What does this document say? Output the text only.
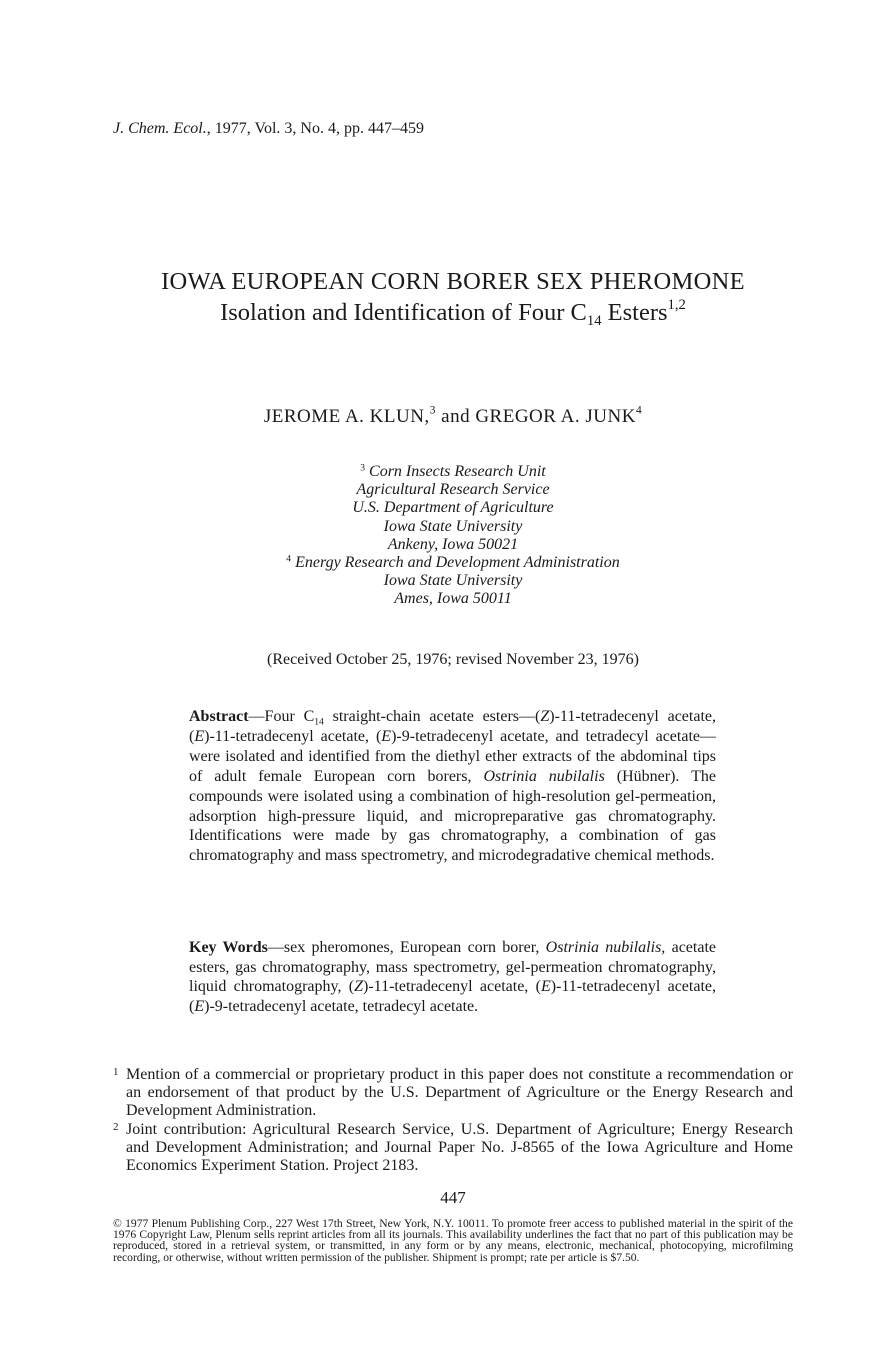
J. Chem. Ecol., 1977, Vol. 3, No. 4, pp. 447–459
IOWA EUROPEAN CORN BORER SEX PHEROMONE
Isolation and Identification of Four $C_{14}$ Esters$^{1,2}$
JEROME A. KLUN,$^3$ and GREGOR A. JUNK$^4$
$^3$ Corn Insects Research Unit
Agricultural Research Service
U.S. Department of Agriculture
Iowa State University
Ankeny, Iowa 50021
$^4$ Energy Research and Development Administration
Iowa State University
Ames, Iowa 50011
(Received October 25, 1976; revised November 23, 1976)
Abstract—Four $C_{14}$ straight-chain acetate esters—(Z)-11-tetradecenyl acetate, (E)-11-tetradecenyl acetate, (E)-9-tetradecenyl acetate, and tetradecyl acetate—were isolated and identified from the diethyl ether extracts of the abdominal tips of adult female European corn borers, Ostrinia nubilalis (Hübner). The compounds were isolated using a combination of high-resolution gel-permeation, adsorption high-pressure liquid, and micropreparative gas chromatography. Identifications were made by gas chromatography, a combination of gas chromatography and mass spectrometry, and microdegradative chemical methods.
Key Words—sex pheromones, European corn borer, Ostrinia nubilalis, acetate esters, gas chromatography, mass spectrometry, gel-permeation chromatography, liquid chromatography, (Z)-11-tetradecenyl acetate, (E)-11-tetradecenyl acetate, (E)-9-tetradecenyl acetate, tetradecyl acetate.
1 Mention of a commercial or proprietary product in this paper does not constitute a recommendation or an endorsement of that product by the U.S. Department of Agriculture or the Energy Research and Development Administration.
2 Joint contribution: Agricultural Research Service, U.S. Department of Agriculture; Energy Research and Development Administration; and Journal Paper No. J-8565 of the Iowa Agriculture and Home Economics Experiment Station. Project 2183.
447
© 1977 Plenum Publishing Corp., 227 West 17th Street, New York, N.Y. 10011. To promote freer access to published material in the spirit of the 1976 Copyright Law, Plenum sells reprint articles from all its journals. This availability underlines the fact that no part of this publication may be reproduced, stored in a retrieval system, or transmitted, in any form or by any means, electronic, mechanical, photocopying, microfilming recording, or otherwise, without written permission of the publisher. Shipment is prompt; rate per article is $7.50.
